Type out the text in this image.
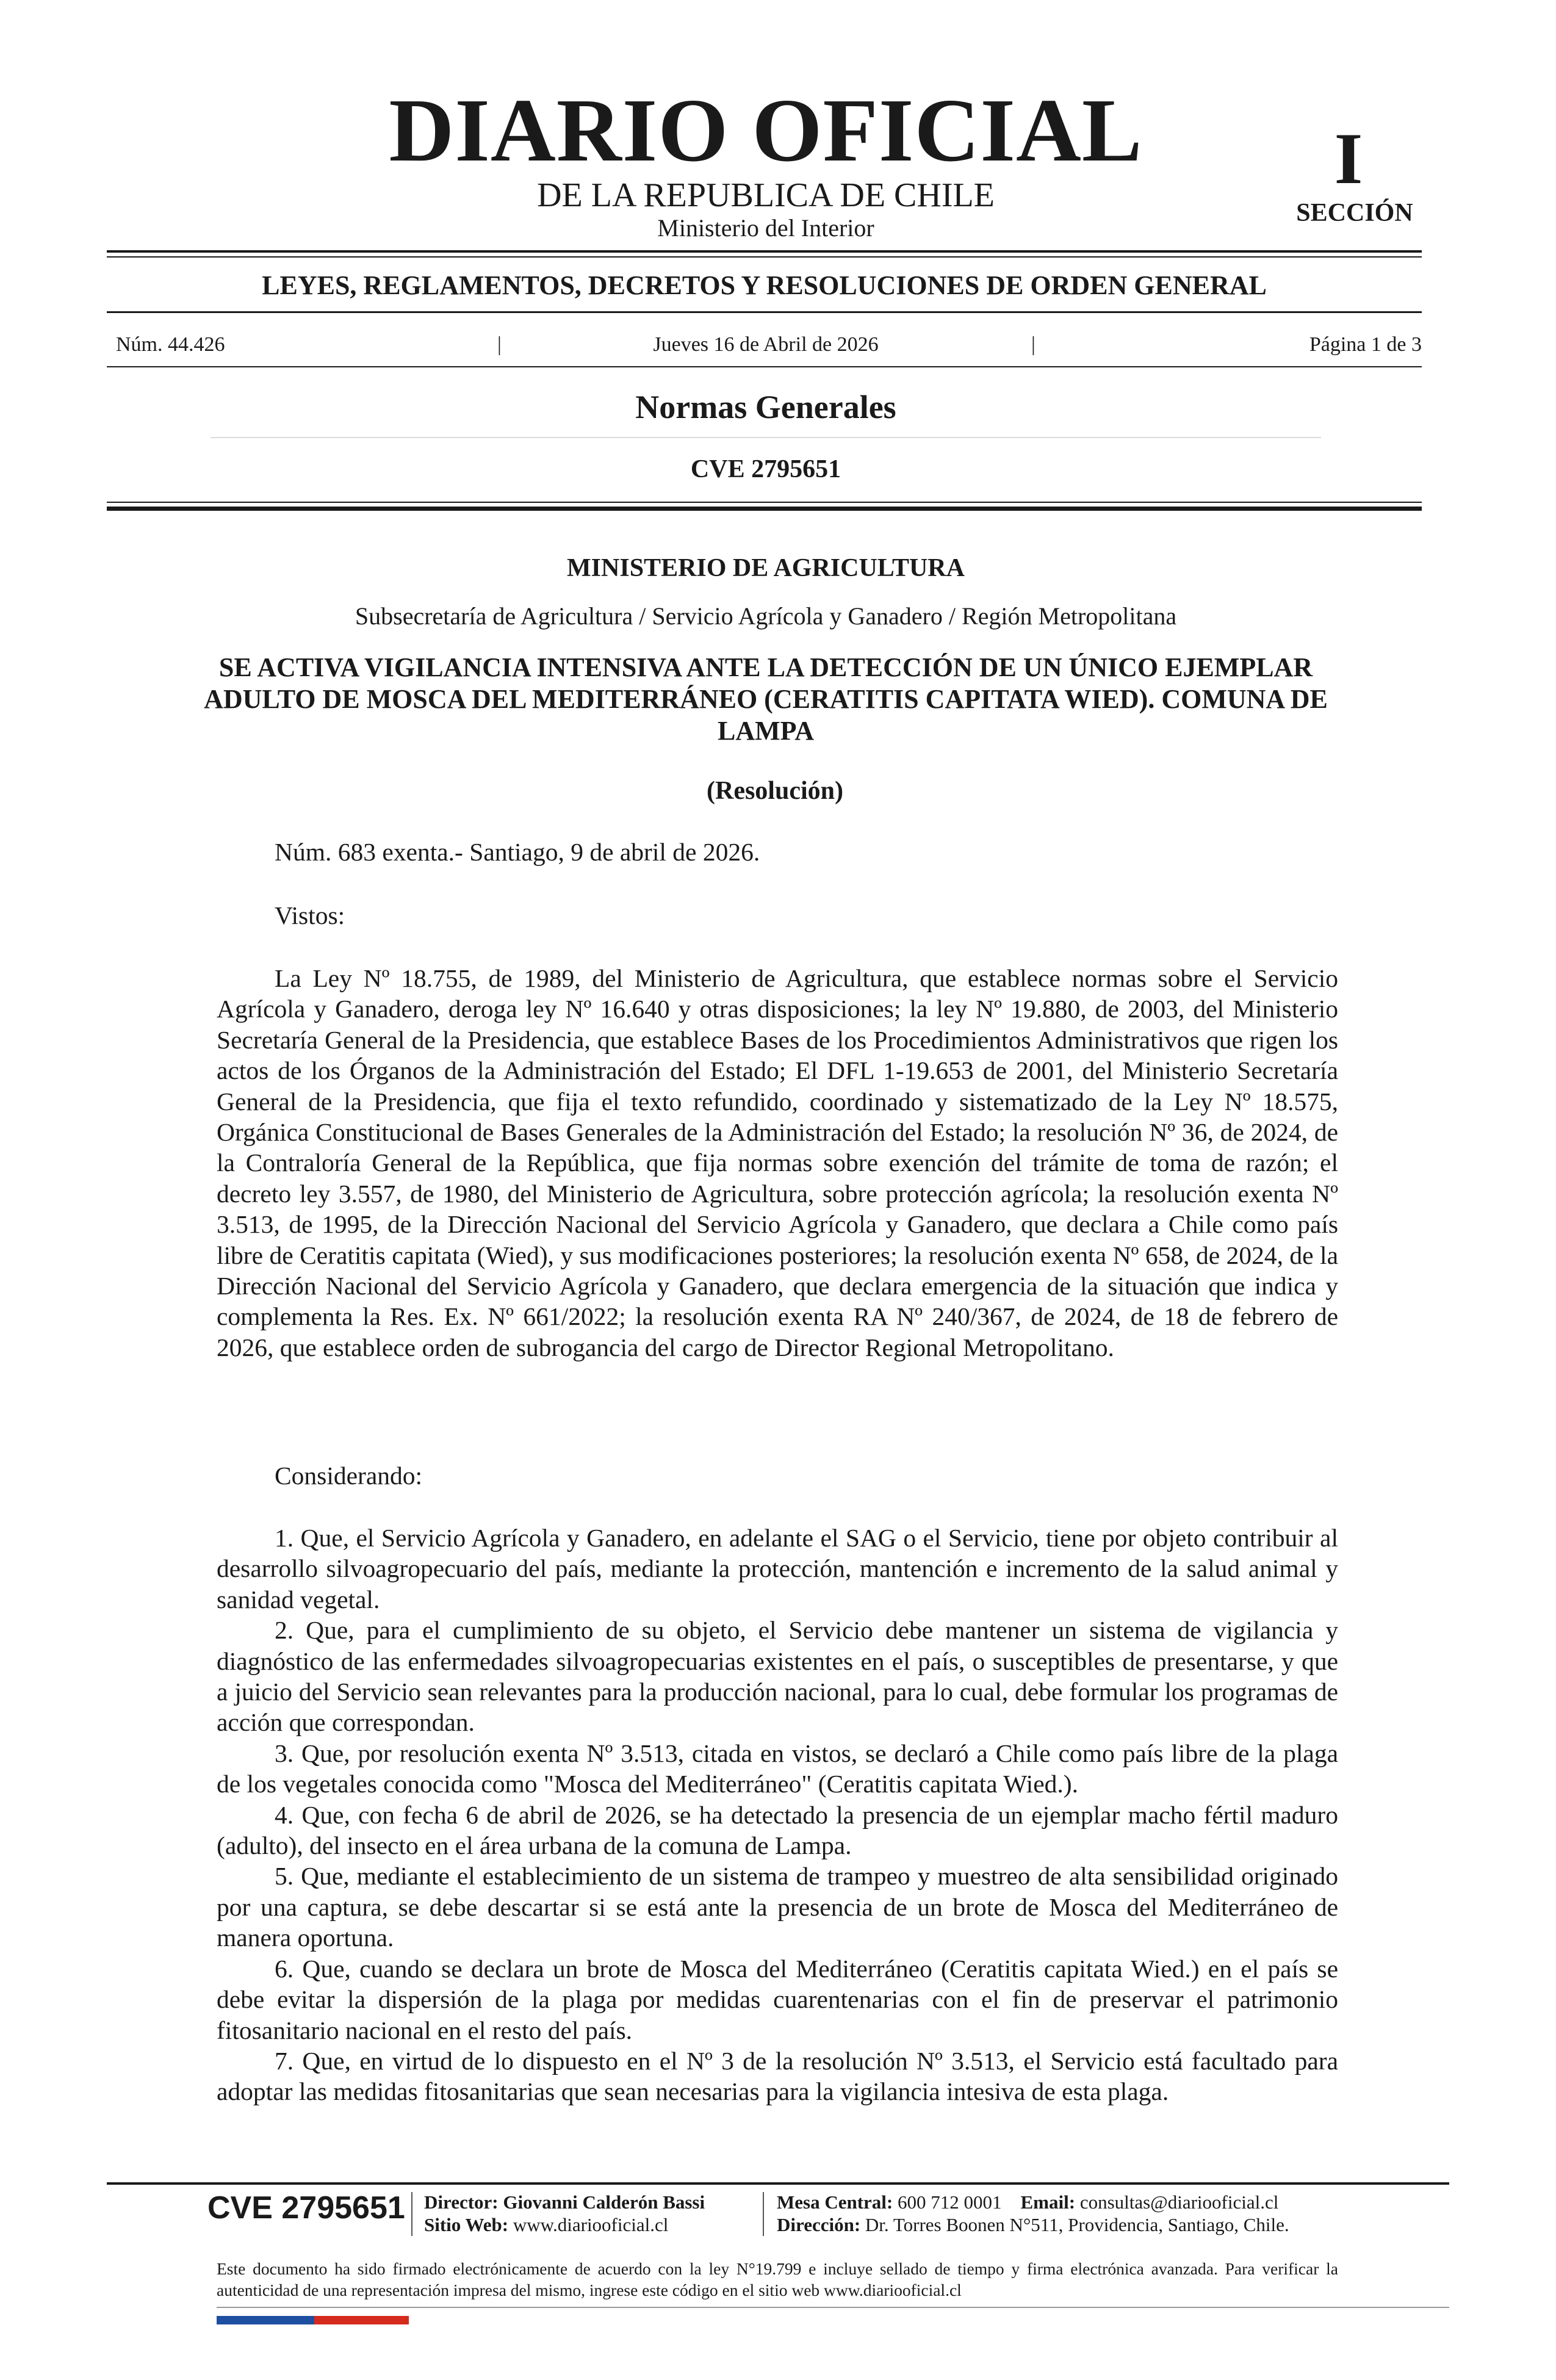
DIARIO OFICIAL
DE LA REPUBLICA DE CHILE
Ministerio del Interior
I
SECCIÓN
LEYES, REGLAMENTOS, DECRETOS Y RESOLUCIONES DE ORDEN GENERAL
Núm. 44.426	|	Jueves 16 de Abril de 2026	|	Página 1 de 3
Normas Generales
CVE 2795651
MINISTERIO DE AGRICULTURA
Subsecretaría de Agricultura / Servicio Agrícola y Ganadero / Región Metropolitana
SE ACTIVA VIGILANCIA INTENSIVA ANTE LA DETECCIÓN DE UN ÚNICO EJEMPLAR ADULTO DE MOSCA DEL MEDITERRÁNEO (CERATITIS CAPITATA WIED). COMUNA DE LAMPA
(Resolución)
Núm. 683 exenta.- Santiago, 9 de abril de 2026.
Vistos:
La Ley Nº 18.755, de 1989, del Ministerio de Agricultura, que establece normas sobre el Servicio Agrícola y Ganadero, deroga ley Nº 16.640 y otras disposiciones; la ley Nº 19.880, de 2003, del Ministerio Secretaría General de la Presidencia, que establece Bases de los Procedimientos Administrativos que rigen los actos de los Órganos de la Administración del Estado; El DFL 1-19.653 de 2001, del Ministerio Secretaría General de la Presidencia, que fija el texto refundido, coordinado y sistematizado de la Ley Nº 18.575, Orgánica Constitucional de Bases Generales de la Administración del Estado; la resolución Nº 36, de 2024, de la Contraloría General de la República, que fija normas sobre exención del trámite de toma de razón; el decreto ley 3.557, de 1980, del Ministerio de Agricultura, sobre protección agrícola; la resolución exenta Nº 3.513, de 1995, de la Dirección Nacional del Servicio Agrícola y Ganadero, que declara a Chile como país libre de Ceratitis capitata (Wied), y sus modificaciones posteriores; la resolución exenta Nº 658, de 2024, de la Dirección Nacional del Servicio Agrícola y Ganadero, que declara emergencia de la situación que indica y complementa la Res. Ex. Nº 661/2022; la resolución exenta RA Nº 240/367, de 2024, de 18 de febrero de 2026, que establece orden de subrogancia del cargo de Director Regional Metropolitano.
Considerando:
1. Que, el Servicio Agrícola y Ganadero, en adelante el SAG o el Servicio, tiene por objeto contribuir al desarrollo silvoagropecuario del país, mediante la protección, mantención e incremento de la salud animal y sanidad vegetal.
2. Que, para el cumplimiento de su objeto, el Servicio debe mantener un sistema de vigilancia y diagnóstico de las enfermedades silvoagropecuarias existentes en el país, o susceptibles de presentarse, y que a juicio del Servicio sean relevantes para la producción nacional, para lo cual, debe formular los programas de acción que correspondan.
3. Que, por resolución exenta Nº 3.513, citada en vistos, se declaró a Chile como país libre de la plaga de los vegetales conocida como "Mosca del Mediterráneo" (Ceratitis capitata Wied.).
4. Que, con fecha 6 de abril de 2026, se ha detectado la presencia de un ejemplar macho fértil maduro (adulto), del insecto en el área urbana de la comuna de Lampa.
5. Que, mediante el establecimiento de un sistema de trampeo y muestreo de alta sensibilidad originado por una captura, se debe descartar si se está ante la presencia de un brote de Mosca del Mediterráneo de manera oportuna.
6. Que, cuando se declara un brote de Mosca del Mediterráneo (Ceratitis capitata Wied.) en el país se debe evitar la dispersión de la plaga por medidas cuarentenarias con el fin de preservar el patrimonio fitosanitario nacional en el resto del país.
7. Que, en virtud de lo dispuesto en el Nº 3 de la resolución Nº 3.513, el Servicio está facultado para adoptar las medidas fitosanitarias que sean necesarias para la vigilancia intesiva de esta plaga.
CVE 2795651 Director: Giovanni Calderón Bassi
Sitio Web: www.diariooficial.cl
Mesa Central: 600 712 0001 Email: consultas@diariooficial.cl
Dirección: Dr. Torres Boonen N°511, Providencia, Santiago, Chile.
Este documento ha sido firmado electrónicamente de acuerdo con la ley N°19.799 e incluye sellado de tiempo y firma electrónica avanzada. Para verificar la autenticidad de una representación impresa del mismo, ingrese este código en el sitio web www.diariooficial.cl
